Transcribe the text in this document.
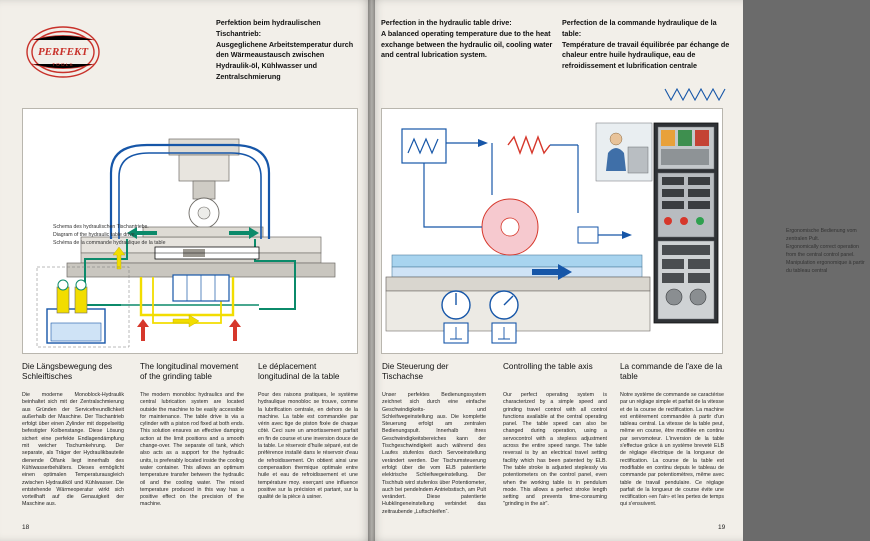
PERFEKT
TOOLS
Perfektion beim hydraulischen Tischantrieb:
Ausgeglichene Arbeitstemperatur durch den Wärmeaustausch zwischen Hydraulik-öl, Kühlwasser und Zentralschmierung
Perfection in the hydraulic table drive:
A balanced operating temperature due to the heat exchange between the hydraulic oil, cooling water and central lubrication system.
Perfection de la commande hydraulique de la table:
Température de travail équilibrée par échange de chaleur entre huile hydraulique, eau de refroidissement et lubrification centrale
Schema des hydraulischen Tischantriebs.
Diagram of the hydraulic table drive.
Schéma de la commande hydraulique de la table
Ergonomische Bedienung vom zentralen Pult.
Ergonomically correct operation from the central control panel.
Manipulation ergonomique à partir du tableau central
Die Längsbewegung des Schleiftisches
Die moderne Monoblock-Hydraulik beinhaltet sich mit der Zentralschmierung aus Gründen der Servicefreundlichkeit außerhalb der Maschine. Der Tischantrieb erfolgt über einen Zylinder mit doppelseitig befestigter Kolbenstange. Diese Lösung sichert eine perfekte Endlagendämpfung mit weicher Tischumkehrung. Der separate, als Träger der Hydraulikbauteile dienende Ölfank liegt innerhalb des Kühlwasserbehälters. Dieses ermöglicht einen optimalen Temperaturausgleich zwischen Hydrauliköl und Kühlwasser. Die entstehende Wärmeoperatur wirkt sich vorteilhaft auf die Genauigkeit der Maschine aus.
The longitudinal movement of the grinding table
The modern monobloc hydraulics and the central lubrication system are located outside the machine to be easily accessible for maintenance. The table drive is via a cylinder with a piston rod fixed at both ends. This solution ensures an effective damping action at the limit positions and a smooth change-over. The separate oil tank, which also acts as a support for the hydraulic units, is preferably located inside the cooling water container. This allows an optimum temperature transfer between the hydraulic oil and the cooling water. The mixed temperature produced in this way has a positive effect on the precision of the machine.
Le déplacement longitudinal de la table
Pour des raisons pratiques, le système hydraulique monobloc se trouve, comme la lubrification centrale, en dehors de la machine. La table est commandée par vérin avec tige de piston fixée de chaque côté. Ceci sure un amortissement parfait en fin de course et une inversion douce de la table. Le réservoir d'huile séparé, est de préférence installé dans le réservoir d'eau de refroidissement. On obtient ainsi une compensation thermique optimale entre huile et eau de refroidissement et une température moy. exerçant une influence positive sur la précision et partant, sur la qualité de la pièce à usiner.
Die Steuerung der Tischachse
Unser perfektes Bedienungssystem zeichnet sich durch eine einfache Geschwindigkeits- und Schleifwegeinstellung aus. Die komplette Steuerung erfolgt am zentralen Bedienungspult. Innerhalb ihres Geschwindigkeitsbereiches kann der Tischgeschwindigkeit auch während des Laufes stufenlos durch Servoeinstellung verändert werden. Der Tischumsteuerung erfolgt über die vom ELB patentierte elektrische Schleifwegeinstellung. Der Tischhub wird stufenlos über Potentiometer, auch bei pendelndem Antriebstisch, am Pult verändert. Diese patentierte Hubklingeneinstellung verbindet das zeitraubende „Luftschleifen“.
Controlling the table axis
Our perfect operating system is characterized by a simple speed and grinding travel control with all control functions available at the central operating panel. The table speed can also be changed during operation, using a servocontrol with a stepless adjustment across the entire speed range. The table reversal is by an electrical travel setting facility which has been patented by ELB. The table stroke is adjusted steplessly via potentiometers on the control panel, even when the working table is in pendulum mode. This allows a perfect stroke length setting and prevents time-consuming "grinding in the air".
La commande de l'axe de la table
Notre système de commande se caractérise par un réglage simple et parfait de la vitesse et de la course de rectification. La machine est entièrement commandée à partir d'un tableau central. La vitesse de la table peut, même en course, être modifiée en continu par servomoteur. L'inversion de la table s'effectue grâce à un système breveté ELB de réglage électrique de la longueur de rectification. La course de la table est modifiable en continu depuis le tableau de commande par potentiomètres, même avec table de travail pendulaire. Ce réglage parfait de la longueur de course évite une rectification «en l'air» et les pertes de temps qui s'ensuivent.
18	19
